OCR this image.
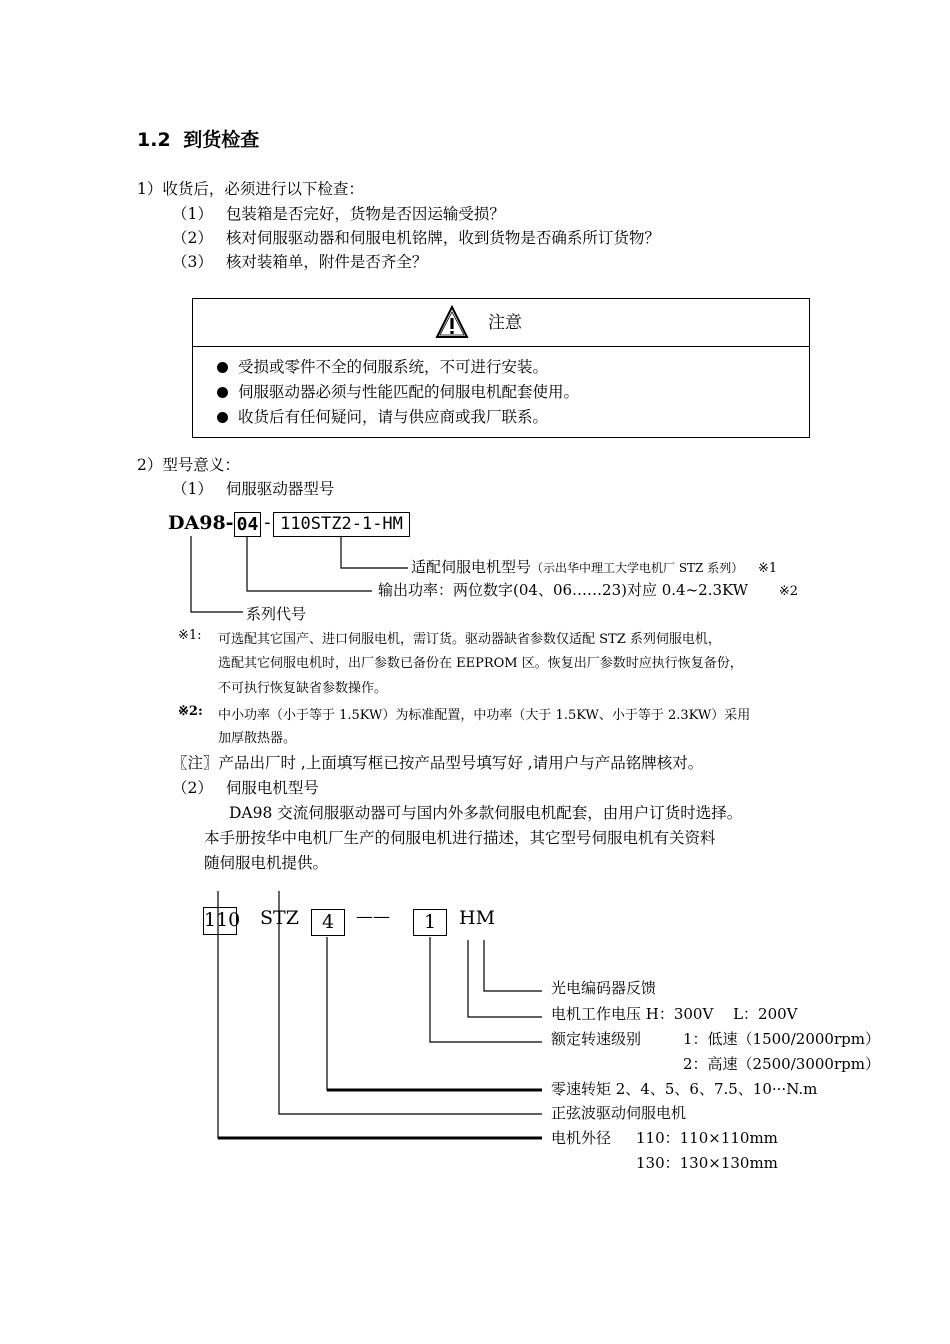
1.2 到货检查
1）收货后，必须进行以下检查：
（1） 包装箱是否完好，货物是否因运输受损？
（2） 核对伺服驱动器和伺服电机铭牌，收到货物是否确系所订货物？
（3） 核对装箱单，附件是否齐全？
注意
受损或零件不全的伺服系统，不可进行安装。
伺服驱动器必须与性能匹配的伺服电机配套使用。
收货后有任何疑问，请与供应商或我厂联系。
2）型号意义：
（1） 伺服驱动器型号
DA98- 04 - 110STZ2-1-HM
适配伺服电机型号（示出华中理工大学电机厂 STZ 系列） ※1
输出功率：两位数字(04、06……23)对应 0.4~2.3KW ※2
系列代号
※1: 可选配其它国产、进口伺服电机，需订货。驱动器缺省参数仅适配 STZ 系列伺服电机，
选配其它伺服电机时，出厂参数已备份在 EEPROM 区。恢复出厂参数时应执行恢复备份，
不可执行恢复缺省参数操作。
※2: 中小功率（小于等于 1.5KW）为标准配置，中功率（大于 1.5KW、小于等于 2.3KW）采用
加厚散热器。
〖注〗产品出厂时 ,上面填写框已按产品型号填写好 ,请用户与产品铭牌核对。
（2） 伺服电机型号
DA98 交流伺服驱动器可与国内外多款伺服电机配套，由用户订货时选择。
本手册按华中电机厂生产的伺服电机进行描述，其它型号伺服电机有关资料
随伺服电机提供。
110 STZ	4	——	1	HM
光电编码器反馈
电机工作电压 H：300V　 L：200V
额定转速级别	1：低速（1500/2000rpm）
2：高速（2500/3000rpm）
零速转矩 2、4、5、6、7.5、10···N.m
正弦波驱动伺服电机
电机外径 110：110×110mm
130：130×130mm
